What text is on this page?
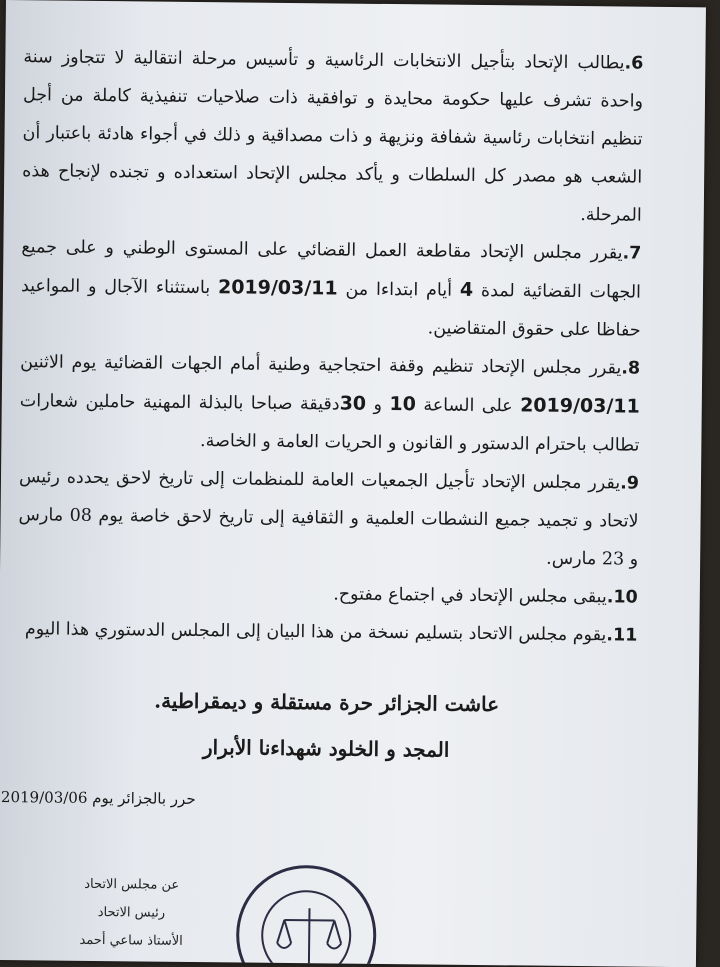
6.يطالب الإتحاد بتأجيل الانتخابات الرئاسية و تأسيس مرحلة انتقالية لا تتجاوز سنة واحدة تشرف عليها حكومة محايدة و توافقية ذات صلاحيات تنفيذية كاملة من أجل تنظيم انتخابات رئاسية شفافة ونزيهة و ذات مصداقية و ذلك في أجواء هادئة باعتبار أن الشعب هو مصدر كل السلطات و يأكد مجلس الإتحاد استعداده و تجنده لإنجاح هذه المرحلة.

7.يقرر مجلس الإتحاد مقاطعة العمل القضائي على المستوى الوطني و على جميع الجهات القضائية لمدة 4 أيام ابتداءا من 2019/03/11 باستثناء الآجال و المواعيد حفاظا على حقوق المتقاضين.

8.يقرر مجلس الإتحاد تنظيم وقفة احتجاجية وطنية أمام الجهات القضائية يوم الاثنين 2019/03/11 على الساعة 10 و 30دقيقة صباحا بالبذلة المهنية حاملين شعارات تطالب باحترام الدستور و القانون و الحريات العامة و الخاصة.

9.يقرر مجلس الإتحاد تأجيل الجمعيات العامة للمنظمات إلى تاريخ لاحق يحدده رئيس لاتحاد و تجميد جميع النشطات العلمية و الثقافية إلى تاريخ لاحق خاصة يوم 08 مارس و 23 مارس.

10.يبقى مجلس الإتحاد في اجتماع مفتوح.

11.يقوم مجلس الاتحاد بتسليم نسخة من هذا البيان إلى المجلس الدستوري هذا اليوم

عاشت الجزائر حرة مستقلة و ديمقراطية.
المجد و الخلود شهداءنا الأبرار
حرر بالجزائر يوم 2019/03/06.
عن مجلس الاتحاد
رئيس الاتحاد
الأستاذ ساعي أحمد
